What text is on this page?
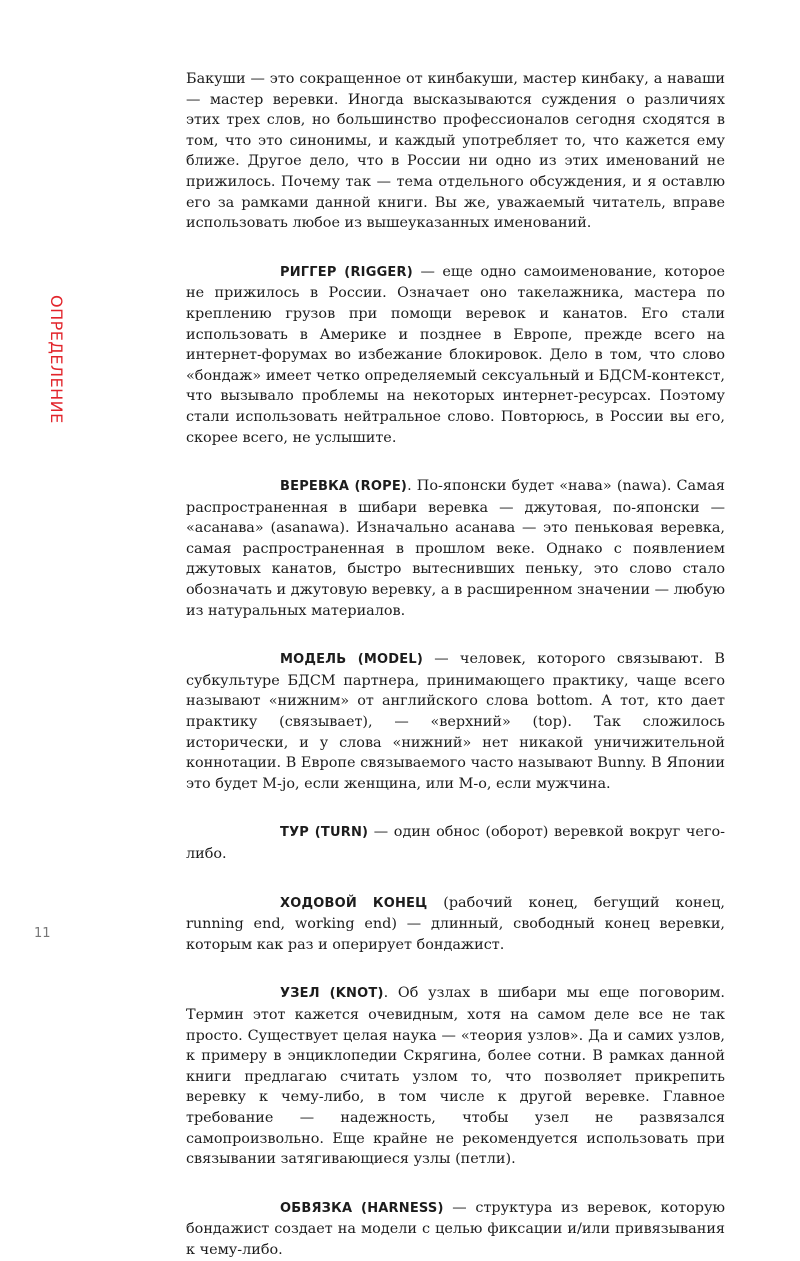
ОПРЕДЕЛЕНИЕ
11

Бакуши — это сокращенное от кинбакуши, мастер кинбаку, а наваши — мастер веревки. Иногда высказываются суждения о различиях этих трех слов, но большинство профессионалов сегодня сходятся в том, что это синонимы, и каждый употребляет то, что кажется ему ближе. Другое дело, что в России ни одно из этих именований не прижилось. Почему так — тема отдельного обсуждения, и я оставлю его за рамками данной книги. Вы же, уважаемый читатель, вправе использовать любое из вышеуказанных именований.

РИГГЕР (RIGGER) — еще одно самоименование, которое не прижилось в России. Означает оно такелажника, мастера по креплению грузов при помощи веревок и канатов. Его стали использовать в Америке и позднее в Европе, прежде всего на интернет-форумах во избежание блокировок. Дело в том, что слово «бондаж» имеет четко определяемый сексуальный и БДСМ-контекст, что вызывало проблемы на некоторых интернет-ресурсах. Поэтому стали использовать нейтральное слово. Повторюсь, в России вы его, скорее всего, не услышите.

ВЕРЕВКА (ROPE). По-японски будет «нава» (nawa). Самая распространенная в шибари веревка — джутовая, по-японски — «асанава» (asanawa). Изначально асанава — это пеньковая веревка, самая распространенная в прошлом веке. Однако с появлением джутовых канатов, быстро вытеснивших пеньку, это слово стало обозначать и джутовую веревку, а в расширенном значении — любую из натуральных материалов.

МОДЕЛЬ (MODEL) — человек, которого связывают. В субкультуре БДСМ партнера, принимающего практику, чаще всего называют «нижним» от английского слова bottom. А тот, кто дает практику (связывает), — «верхний» (top). Так сложилось исторически, и у слова «нижний» нет никакой уничижительной коннотации. В Европе связываемого часто называют Bunny. В Японии это будет M-jo, если женщина, или M-o, если мужчина.

ТУР (TURN) — один обнос (оборот) веревкой вокруг чего-либо.

ХОДОВОЙ КОНЕЦ (рабочий конец, бегущий конец, running end, working end) — длинный, свободный конец веревки, которым как раз и оперирует бондажист.

УЗЕЛ (KNOT). Об узлах в шибари мы еще поговорим. Термин этот кажется очевидным, хотя на самом деле все не так просто. Существует целая наука — «теория узлов». Да и самих узлов, к примеру в энциклопедии Скрягина, более сотни. В рамках данной книги предлагаю считать узлом то, что позволяет прикрепить веревку к чему-либо, в том числе к другой веревке. Главное требование — надежность, чтобы узел не развязался самопроизвольно. Еще крайне не рекомендуется использовать при связывании затягивающиеся узлы (петли).

ОБВЯЗКА (HARNESS) — структура из веревок, которую бондажист создает на модели с целью фиксации и/или привязывания к чему-либо.
